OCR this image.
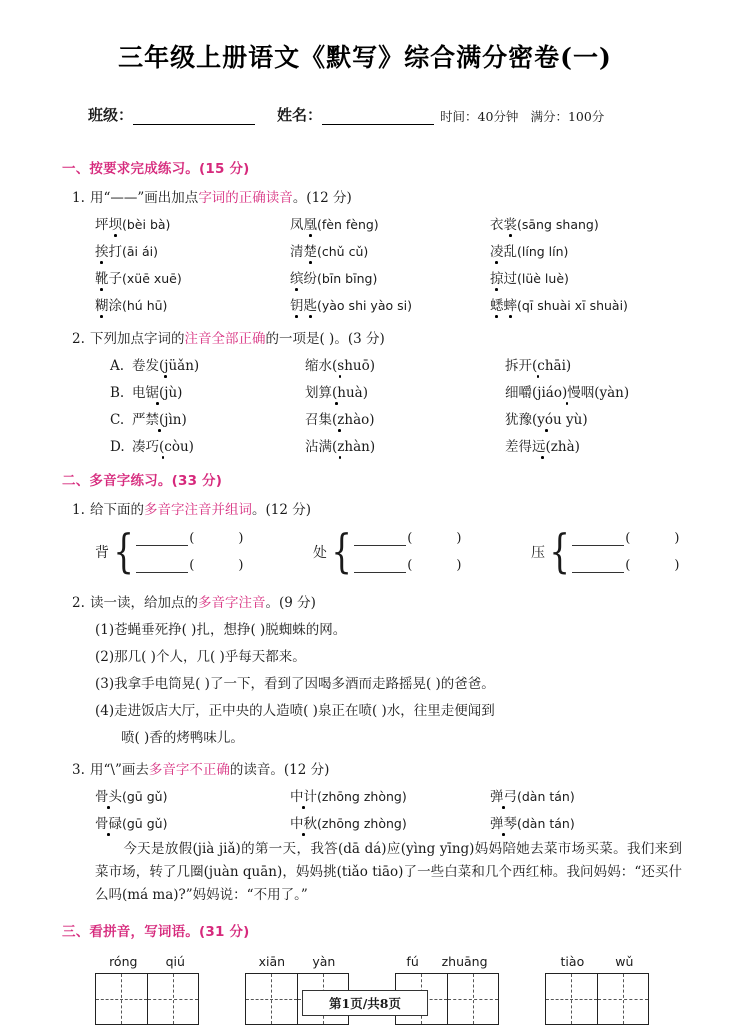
三年级上册语文《默写》综合满分密卷(一)
班级：	姓名：	时间：40分钟 满分：100分
一、按要求完成练习。(15 分)
1. 用“——”画出加点字词的正确读音。(12 分)
坪坝(bèi bà)	凤凰(fèn fèng)	衣裳(sāng shang)
挨打(āi ái)	清楚(chǔ cǔ)	凌乱(líng lín)
靴子(xüē xuē)	缤纷(bīn bīng)	掠过(lüè luè)
糊涂(hú hū)	钥匙(yào shi yào si)	蟋蟀(qī shuài xī shuài)
2. 下列加点字词的注音全部正确的一项是( )。(3 分)
A. 卷发(jüǎn)	缩水(shuō)	拆开(chāi)
B. 电锯(jù)	划算(huà)	细嚼(jiáo)慢咽(yàn)
C. 严禁(jìn)	召集(zhào)	犹豫(yóu yù)
D. 凑巧(còu)	沾满(zhàn)	差得远(zhà)
二、多音字练习。(33 分)
1. 给下面的多音字注音并组词。(12 分)
背 {	(	)
(	)
处 {	(	)
(	)
压 {	(	)
(	)
2. 读一读，给加点的多音字注音。(9 分)
(1)苍蝇垂死挣( )扎，想挣( )脱蜘蛛的网。
(2)那几( )个人，几( )乎每天都来。
(3)我拿手电筒晃( )了一下，看到了因喝多酒而走路摇晃( )的爸爸。
(4)走进饭店大厅，正中央的人造喷( )泉正在喷( )水，往里走便闻到
喷( )香的烤鸭味儿。
3. 用“\”画去多音字不正确的读音。(12 分)
骨头(gū gǔ)	中计(zhōng zhòng)	弹弓(dàn tán)
骨碌(gū gǔ)	中秋(zhōng zhòng)	弹琴(dàn tán)
今天是放假(jià jiǎ)的第一天，我答(dā dá)应(yìng yīng)妈妈陪她去菜市场买菜。我们来到菜市场，转了几圈(juàn quān)，妈妈挑(tiǎo tiāo)了一些白菜和几个西红柿。我问妈妈：“还买什么吗(má ma)?”妈妈说：“不用了。”
三、看拼音，写词语。(31 分)
róng qiú	xiān yàn	fú zhuāng	tiào wǔ
第1页/共8页
